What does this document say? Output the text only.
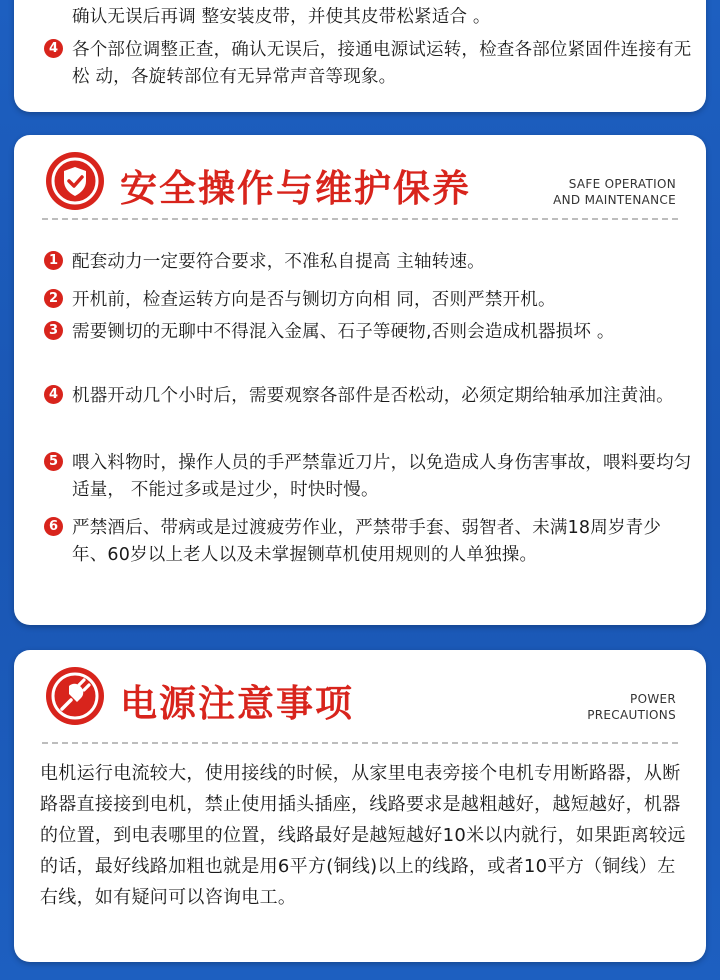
确认无误后再调 整安装皮带，并使其皮带松紧适合 。
4 各个部位调整正查，确认无误后，接通电源试运转，检查各部位紧固件连接有无松 动，各旋转部位有无异常声音等现象。
安全操作与维护保养	SAFE OPERATION
AND MAINTENANCE
1 配套动力一定要符合要求，不准私自提高 主轴转速。
2 开机前，检查运转方向是否与铡切方向相 同，否则严禁开机。
3 需要铡切的无聊中不得混入金属、石子等硬物,否则会造成机器损坏 。
4 机器开动几个小时后，需要观察各部件是否松动，必须定期给轴承加注黄油。
5 喂入料物时，操作人员的手严禁靠近刀片，以免造成人身伤害事故，喂料要均匀适量， 不能过多或是过少，时快时慢。
6 严禁酒后、带病或是过渡疲劳作业，严禁带手套、弱智者、未满18周岁青少年、60岁以上老人以及未掌握铡草机使用规则的人单独操。
电源注意事项	POWER
PRECAUTIONS
电机运行电流较大，使用接线的时候，从家里电表旁接个电机专用断路器，从断路器直接接到电机，禁止使用插头插座，线路要求是越粗越好，越短越好，机器的位置，到电表哪里的位置，线路最好是越短越好10米以内就行，如果距离较远的话，最好线路加粗也就是用6平方(铜线)以上的线路，或者10平方（铜线）左右线，如有疑问可以咨询电工。
